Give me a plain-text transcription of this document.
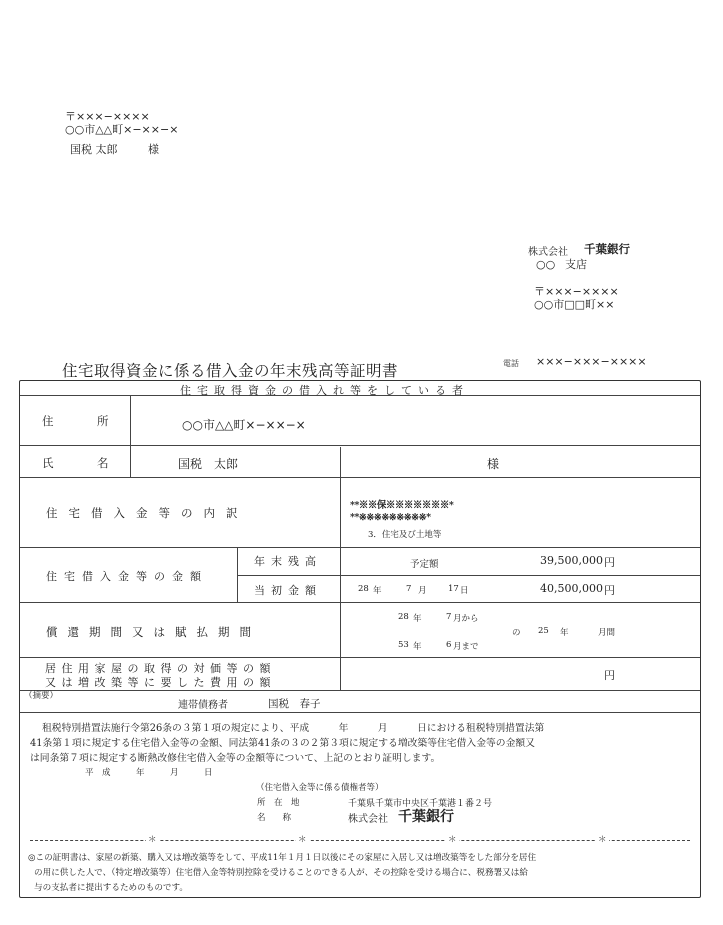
〒×××−××××
○○市△△町×−××−×
国税 太郎	様
株式会社 千葉銀行
○○ 支店
〒×××−××××
○○市□□町××
住宅取得資金に係る借入金の年末残高等証明書	電話 ×××−×××−××××
住宅取得資金の借入れ等をしている者
住　所	○○市△△町×−××−×
氏　名	国税　太郎	様
住宅借入金等の内訳
**※※保※※※※※※※*
**※※※※※※※※※*
3．住宅及び土地等
住宅借入金等の金額
年末残高	予定額	39,500,000 円
当初金額	28 年	7 月	17 日	40,500,000 円
償還期間又は賦払期間
28 年	7 月から
53 年	6 月まで
の 25 年	月間
居住用家屋の取得の対価等の額
又は増改築等に要した費用の額
円
（摘要）
連帯債務者	国税　春子
租税特別措置法施行令第26条の３第１項の規定により、平成　　　年　　　月　　　日における租税特別措置法第
41条第１項に規定する住宅借入金等の金額、同法第41条の３の２第３項に規定する増改築等住宅借入金等の金額又
は同条第７項に規定する断熱改修住宅借入金等の金額等について、上記のとおり証明します。
平　成　　　年　　　月　　　日
（住宅借入金等に係る債権者等）
所　在　地	千葉県千葉市中央区千葉港１番２号
名　　称	株式会社 千葉銀行
＊	＊	＊	＊
◎この証明書は、家屋の新築、購入又は増改築等をして、平成11年１月１日以後にその家屋に入居し又は増改築等をした部分を居住
の用に供した人で、（特定増改築等）住宅借入金等特別控除を受けることのできる人が、その控除を受ける場合に、税務署又は給
与の支払者に提出するためのものです。
